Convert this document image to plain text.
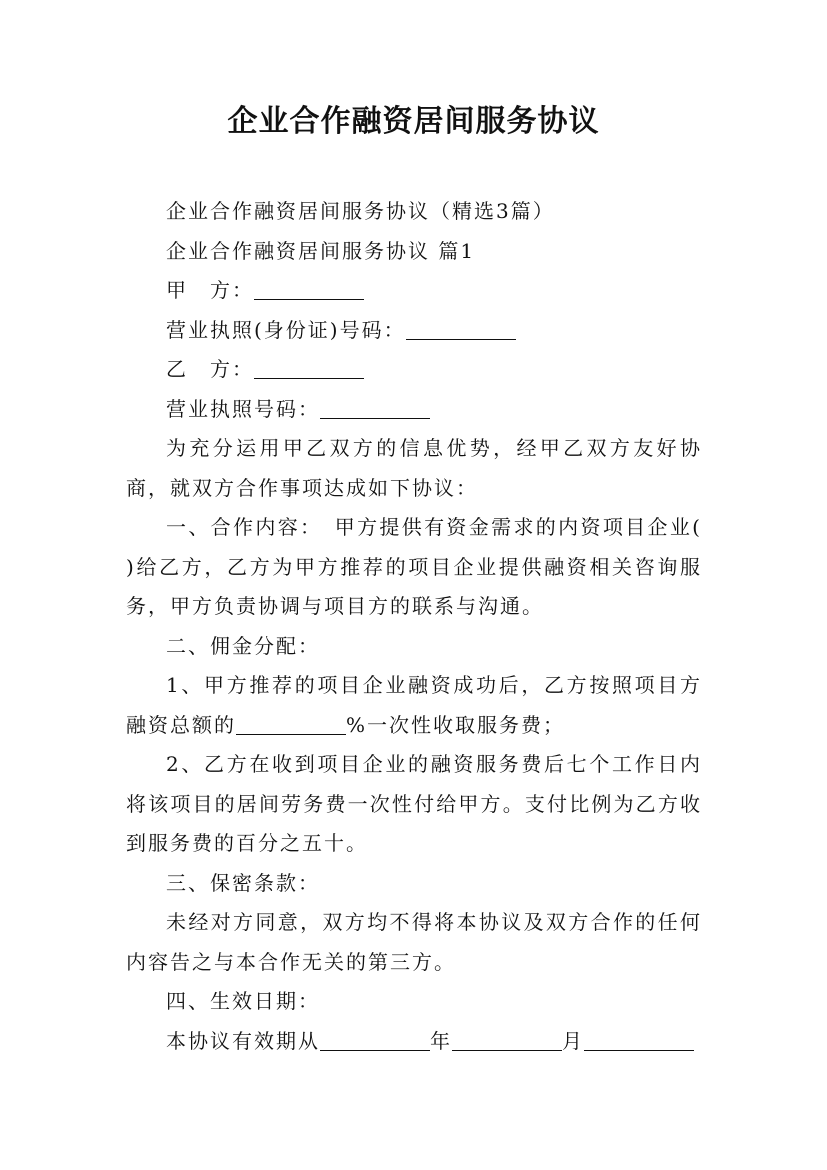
企业合作融资居间服务协议

企业合作融资居间服务协议（精选3篇）

企业合作融资居间服务协议 篇1

甲　方：

营业执照(身份证)号码：

乙　方：

营业执照号码：

为充分运用甲乙双方的信息优势，经甲乙双方友好协商，就双方合作事项达成如下协议：

一、合作内容：　甲方提供有资金需求的内资项目企业( )给乙方，乙方为甲方推荐的项目企业提供融资相关咨询服务，甲方负责协调与项目方的联系与沟通。

二、佣金分配：

1、甲方推荐的项目企业融资成功后，乙方按照项目方融资总额的	%一次性收取服务费；

2、乙方在收到项目企业的融资服务费后七个工作日内将该项目的居间劳务费一次性付给甲方。支付比例为乙方收到服务费的百分之五十。

三、保密条款：

未经对方同意，双方均不得将本协议及双方合作的任何内容告之与本合作无关的第三方。

四、生效日期：

本协议有效期从	年	月
